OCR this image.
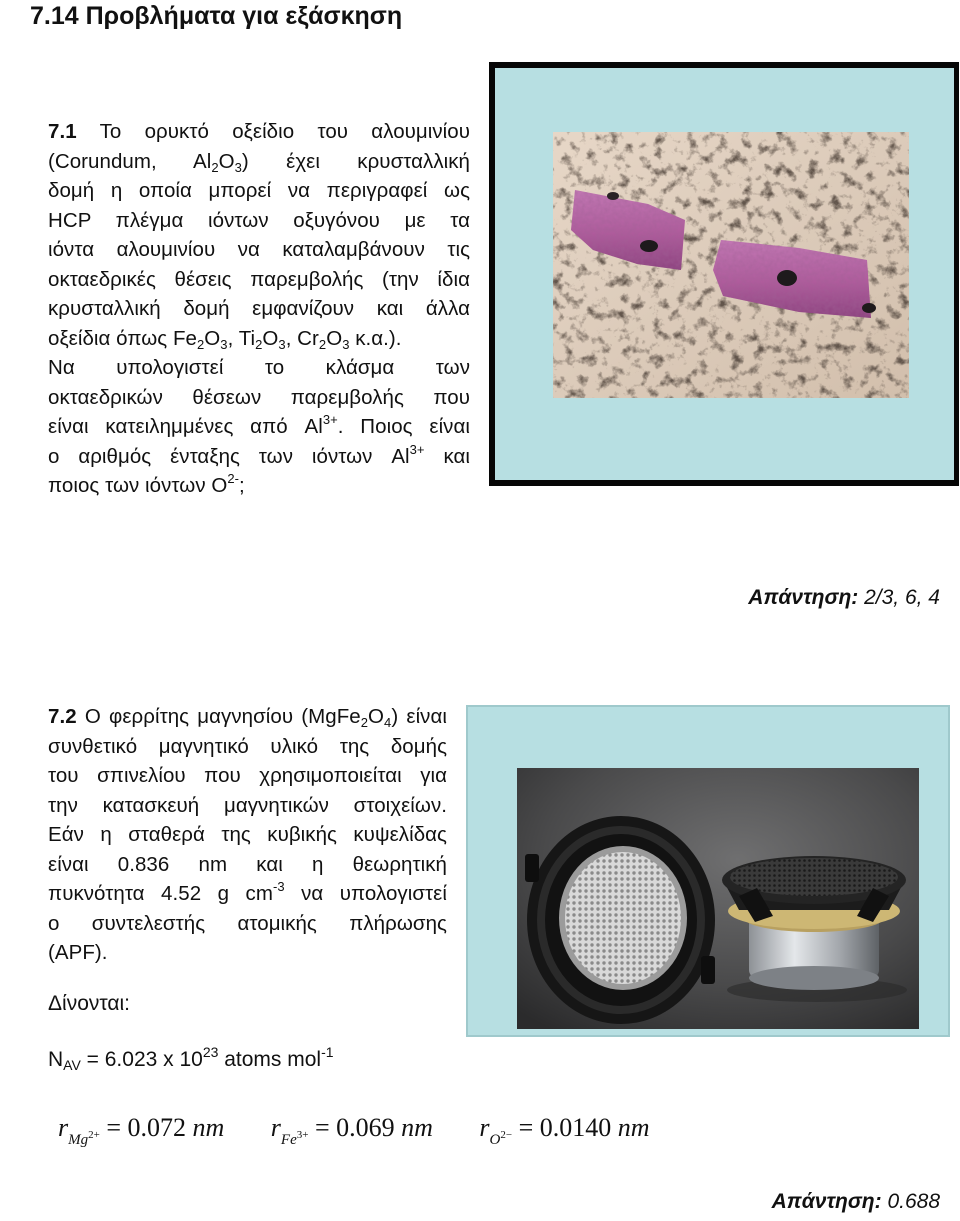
7.14 Προβλήματα για εξάσκηση
7.1 Το ορυκτό οξείδιο του αλουμινίου
(Corundum, $Al_2O_3$) έχει κρυσταλλική
δομή η οποία μπορεί να περιγραφεί ως
HCP πλέγμα ιόντων οξυγόνου με τα
ιόντα αλουμινίου να καταλαμβάνουν τις
οκταεδρικές θέσεις παρεμβολής (την ίδια
κρυσταλλική δομή εμφανίζουν και άλλα
οξείδια όπως $Fe_2O_3$, $Ti_2O_3$, $Cr_2O_3$ κ.α.).
Να υπολογιστεί το κλάσμα των
οκταεδρικών θέσεων παρεμβολής που
είναι κατειλημμένες από $Al^{3+}$. Ποιος είναι
ο αριθμός ένταξης των ιόντων $Al^{3+}$ και
ποιος των ιόντων $O^{2-}$;
Απάντηση: 2/3, 6, 4
7.2 Ο φερρίτης μαγνησίου $(MgFe_2O_4)$ είναι
συνθετικό μαγνητικό υλικό της δομής
του σπινελίου που χρησιμοποιείται για
την κατασκευή μαγνητικών στοιχείων.
Εάν η σταθερά της κυβικής κυψελίδας
είναι 0.836 nm και η θεωρητική
πυκνότητα 4.52 g $cm^{-3}$ να υπολογιστεί
ο συντελεστής ατομικής πλήρωσης
(APF).
Δίνονται:
$N_{AV} = 6.023$ x $10^{23}$ atoms mol$^{-1}$
$r_{Mg^{2+}} = 0.072$ nm $r_{Fe^{3+}} = 0.069$ nm $r_{O^{2-}} = 0.0140$ nm
Απάντηση: 0.688
